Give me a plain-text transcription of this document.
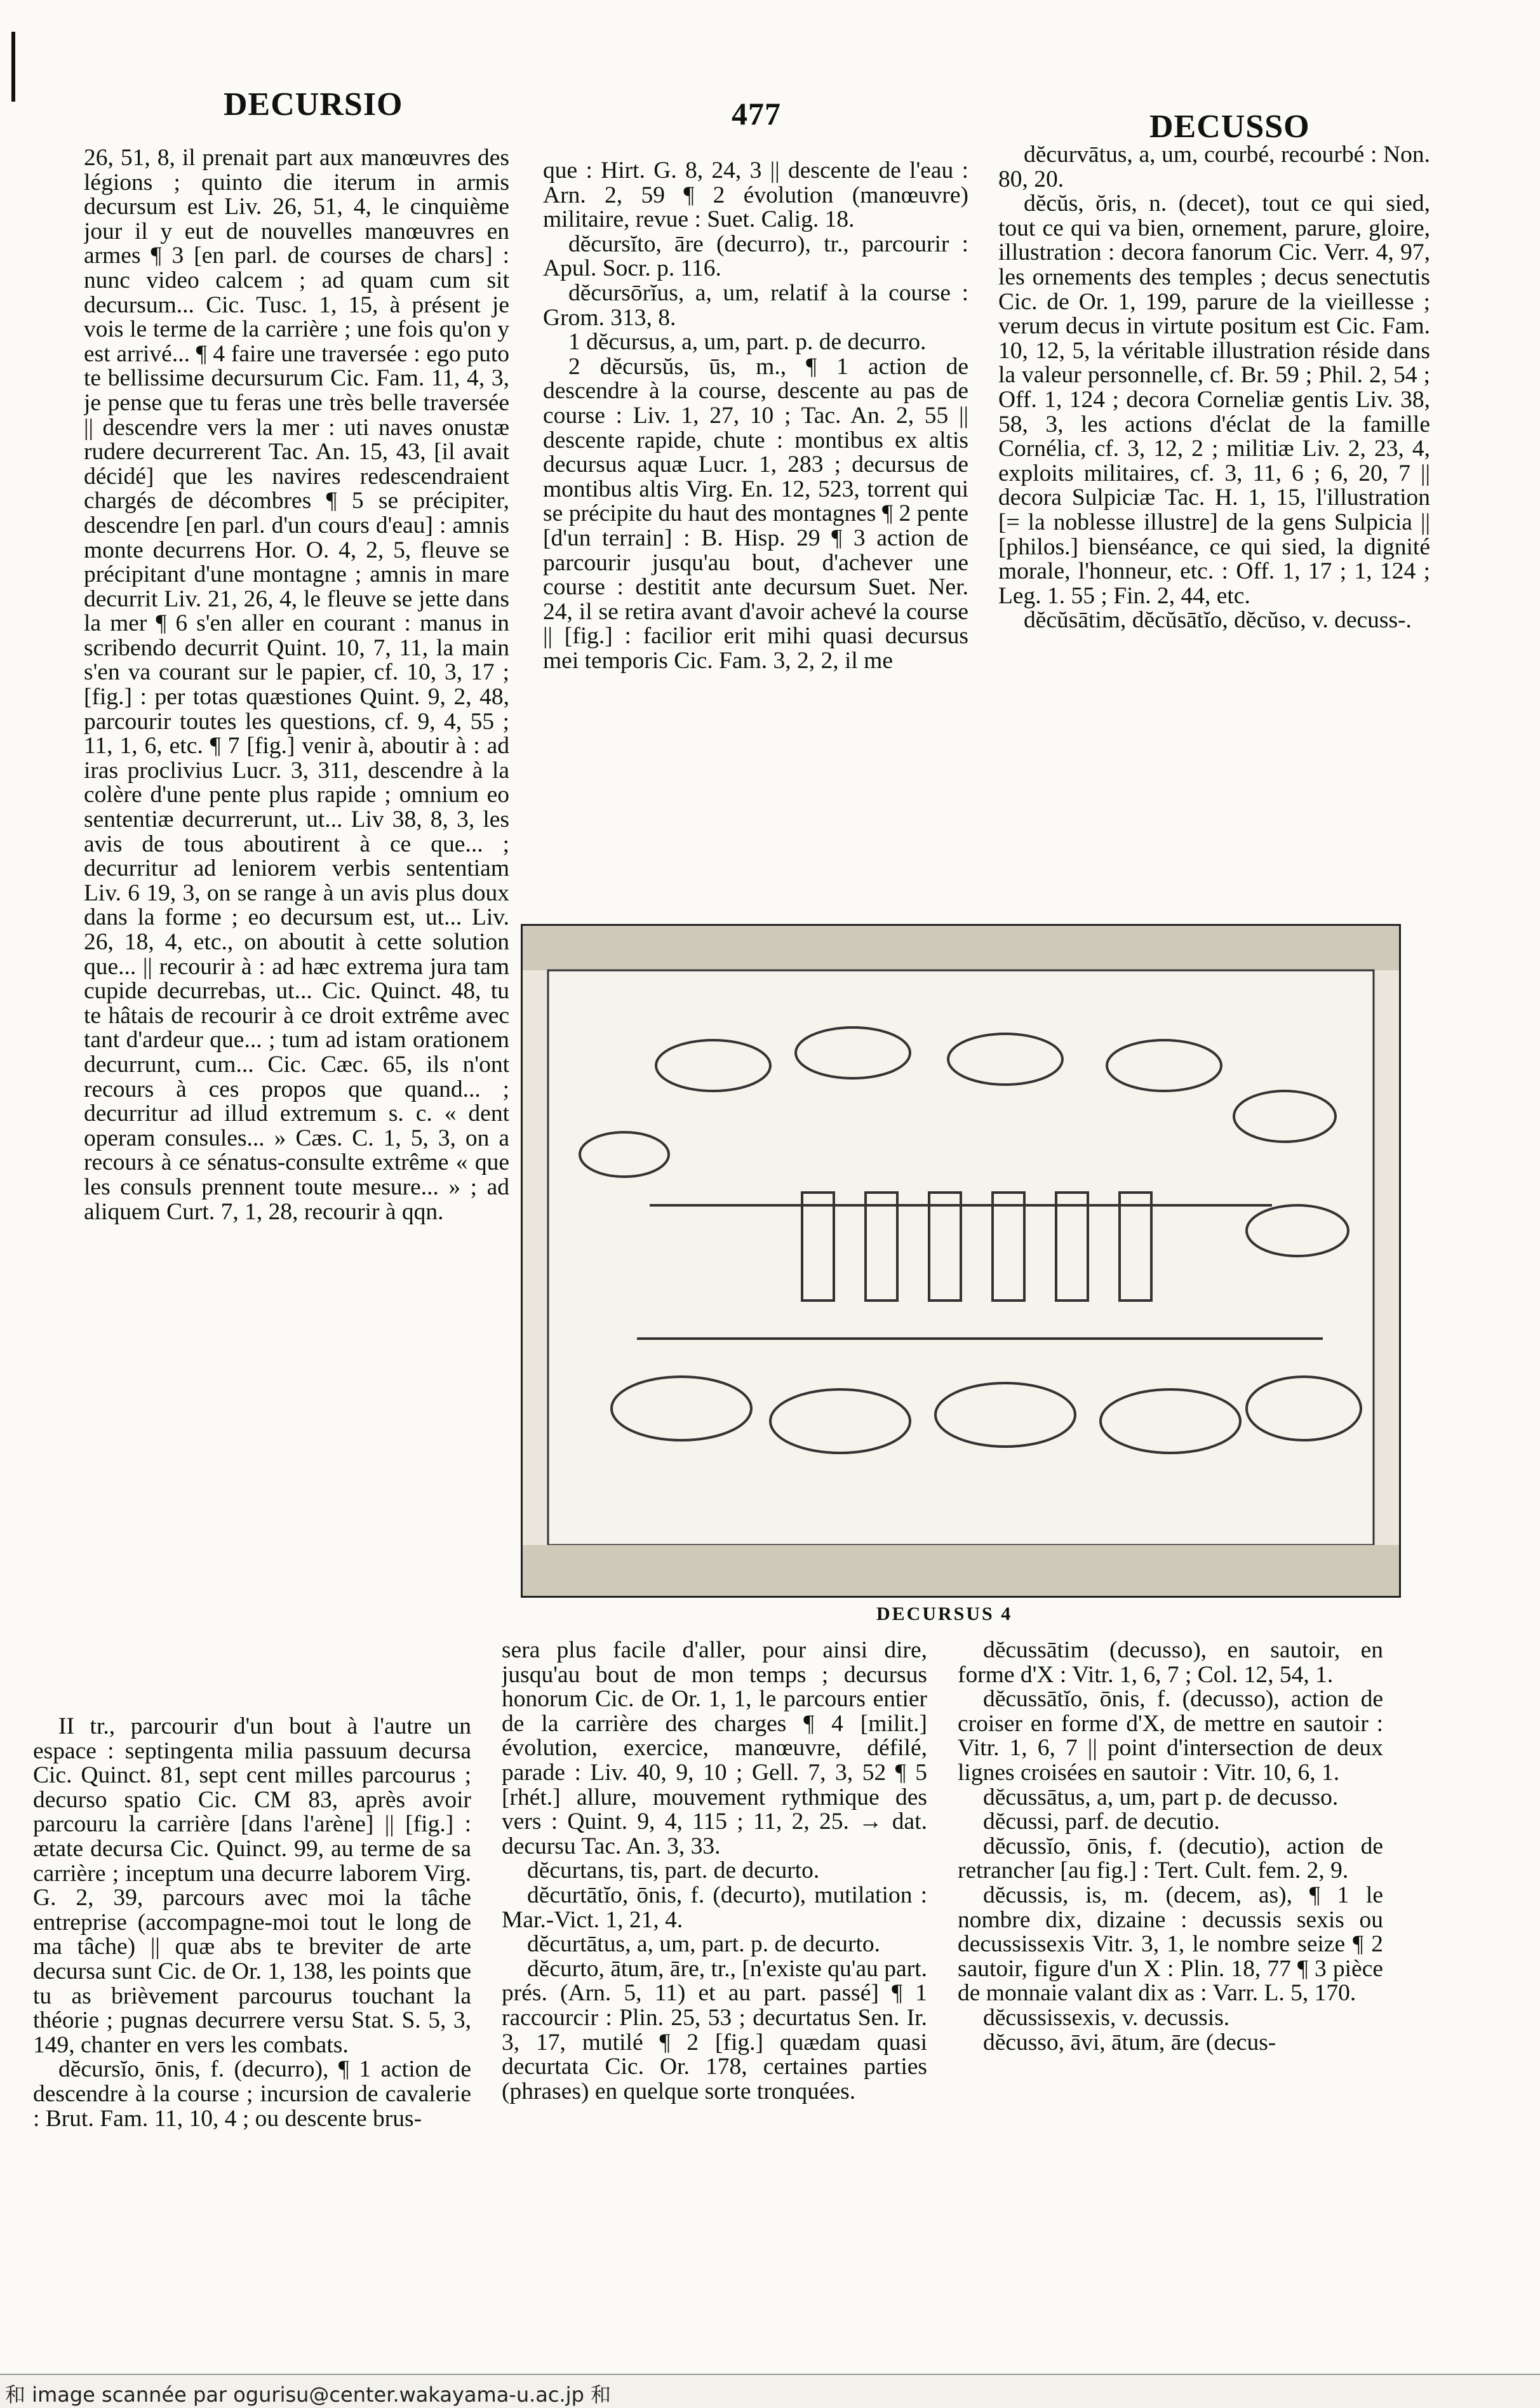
DECURSIO	477	DECUSSO

26, 51, 8, il prenait part aux manœuvres des légions ; quinto die iterum in armis decursum est Liv. 26, 51, 4, le cinquième jour il y eut de nouvelles manœuvres en armes ¶ 3 [en parl. de courses de chars] : nunc video calcem ; ad quam cum sit decursum... Cic. Tusc. 1, 15, à présent je vois le terme de la carrière ; une fois qu'on y est arrivé... ¶ 4 faire une traversée : ego puto te bellissime decursurum Cic. Fam. 11, 4, 3, je pense que tu feras une très belle traversée || descendre vers la mer : uti naves onustæ rudere decurrerent Tac. An. 15, 43, [il avait décidé] que les navires redescendraient chargés de décombres ¶ 5 se précipiter, descendre [en parl. d'un cours d'eau] : amnis monte decurrens Hor. O. 4, 2, 5, fleuve se précipitant d'une montagne ; amnis in mare decurrit Liv. 21, 26, 4, le fleuve se jette dans la mer ¶ 6 s'en aller en courant : manus in scribendo decurrit Quint. 10, 7, 11, la main s'en va courant sur le papier, cf. 10, 3, 17 ; [fig.] : per totas quæstiones Quint. 9, 2, 48, parcourir toutes les questions, cf. 9, 4, 55 ; 11, 1, 6, etc. ¶ 7 [fig.] venir à, aboutir à : ad iras proclivius Lucr. 3, 311, descendre à la colère d'une pente plus rapide ; omnium eo sententiæ decurrerunt, ut... Liv 38, 8, 3, les avis de tous aboutirent à ce que... ; decurritur ad leniorem verbis sententiam Liv. 6 19, 3, on se range à un avis plus doux dans la forme ; eo decursum est, ut... Liv. 26, 18, 4, etc., on aboutit à cette solution que... || recourir à : ad hæc extrema jura tam cupide decurrebas, ut... Cic. Quinct. 48, tu te hâtais de recourir à ce droit extrême avec tant d'ardeur que... ; tum ad istam orationem decurrunt, cum... Cic. Cæc. 65, ils n'ont recours à ces propos que quand... ; decurritur ad illud extremum s. c. « dent operam consules... » Cæs. C. 1, 5, 3, on a recours à ce sénatus-consulte extrême « que les consuls prennent toute mesure... » ; ad aliquem Curt. 7, 1, 28, recourir à qqn.

II tr., parcourir d'un bout à l'autre un espace : septingenta milia passuum decursa Cic. Quinct. 81, sept cent milles parcourus ; decurso spatio Cic. CM 83, après avoir parcouru la carrière [dans l'arène] || [fig.] : ætate decursa Cic. Quinct. 99, au terme de sa carrière ; inceptum una decurre laborem Virg. G. 2, 39, parcours avec moi la tâche entreprise (accompagne-moi tout le long de ma tâche) || quæ abs te breviter de arte decursa sunt Cic. de Or. 1, 138, les points que tu as brièvement parcourus touchant la théorie ; pugnas decurrere versu Stat. S. 5, 3, 149, chanter en vers les combats.

dĕcursĭo, ōnis, f. (decurro), ¶ 1 action de descendre à la course ; incursion de cavalerie : Brut. Fam. 11, 10, 4 ; ou descente brus-

que : Hirt. G. 8, 24, 3 || descente de l'eau : Arn. 2, 59 ¶ 2 évolution (manœuvre) militaire, revue : Suet. Calig. 18.

dĕcursĭto, āre (decurro), tr., parcourir : Apul. Socr. p. 116.

dĕcursōrĭus, a, um, relatif à la course : Grom. 313, 8.

1 dĕcursus, a, um, part. p. de decurro.

2 dĕcursŭs, ūs, m., ¶ 1 action de descendre à la course, descente au pas de course : Liv. 1, 27, 10 ; Tac. An. 2, 55 || descente rapide, chute : montibus ex altis decursus aquæ Lucr. 1, 283 ; decursus de montibus altis Virg. En. 12, 523, torrent qui se précipite du haut des montagnes ¶ 2 pente [d'un terrain] : B. Hisp. 29 ¶ 3 action de parcourir jusqu'au bout, d'achever une course : destitit ante decursum Suet. Ner. 24, il se retira avant d'avoir achevé la course || [fig.] : facilior erit mihi quasi decursus mei temporis Cic. Fam. 3, 2, 2, il me

dĕcurvātus, a, um, courbé, recourbé : Non. 80, 20.

dĕcŭs, ŏris, n. (decet), tout ce qui sied, tout ce qui va bien, ornement, parure, gloire, illustration : decora fanorum Cic. Verr. 4, 97, les ornements des temples ; decus senectutis Cic. de Or. 1, 199, parure de la vieillesse ; verum decus in virtute positum est Cic. Fam. 10, 12, 5, la véritable illustration réside dans la valeur personnelle, cf. Br. 59 ; Phil. 2, 54 ; Off. 1, 124 ; decora Corneliæ gentis Liv. 38, 58, 3, les actions d'éclat de la famille Cornélia, cf. 3, 12, 2 ; militiæ Liv. 2, 23, 4, exploits militaires, cf. 3, 11, 6 ; 6, 20, 7 || decora Sulpiciæ Tac. H. 1, 15, l'illustration [= la noblesse illustre] de la gens Sulpicia || [philos.] bienséance, ce qui sied, la dignité morale, l'honneur, etc. : Off. 1, 17 ; 1, 124 ; Leg. 1. 55 ; Fin. 2, 44, etc.

dĕcŭsātim, dĕcŭsātĭo, dĕcŭso, v. decuss-.

DECURSUS 4

sera plus facile d'aller, pour ainsi dire, jusqu'au bout de mon temps ; decursus honorum Cic. de Or. 1, 1, le parcours entier de la carrière des charges ¶ 4 [milit.] évolution, exercice, manœuvre, défilé, parade : Liv. 40, 9, 10 ; Gell. 7, 3, 52 ¶ 5 [rhét.] allure, mouvement rythmique des vers : Quint. 9, 4, 115 ; 11, 2, 25. → dat. decursu Tac. An. 3, 33.

dĕcurtans, tis, part. de decurto.

dĕcurtātĭo, ōnis, f. (decurto), mutilation : Mar.-Vict. 1, 21, 4.

dĕcurtātus, a, um, part. p. de decurto.

dĕcurto, ātum, āre, tr., [n'existe qu'au part. prés. (Arn. 5, 11) et au part. passé] ¶ 1 raccourcir : Plin. 25, 53 ; decurtatus Sen. Ir. 3, 17, mutilé ¶ 2 [fig.] quædam quasi decurtata Cic. Or. 178, certaines parties (phrases) en quelque sorte tronquées.

dĕcussātim (decusso), en sautoir, en forme d'X : Vitr. 1, 6, 7 ; Col. 12, 54, 1.

dĕcussātĭo, ōnis, f. (decusso), action de croiser en forme d'X, de mettre en sautoir : Vitr. 1, 6, 7 || point d'intersection de deux lignes croisées en sautoir : Vitr. 10, 6, 1.

dĕcussātus, a, um, part p. de decusso.

dĕcussi, parf. de decutio.

dĕcussĭo, ōnis, f. (decutio), action de retrancher [au fig.] : Tert. Cult. fem. 2, 9.

dĕcussis, is, m. (decem, as), ¶ 1 le nombre dix, dizaine : decussis sexis ou decussissexis Vitr. 3, 1, le nombre seize ¶ 2 sautoir, figure d'un X : Plin. 18, 77 ¶ 3 pièce de monnaie valant dix as : Varr. L. 5, 170.

dĕcussissexis, v. decussis.

dĕcusso, āvi, ātum, āre (decus-

和 image scannée par ogurisu@center.wakayama-u.ac.jp 和
